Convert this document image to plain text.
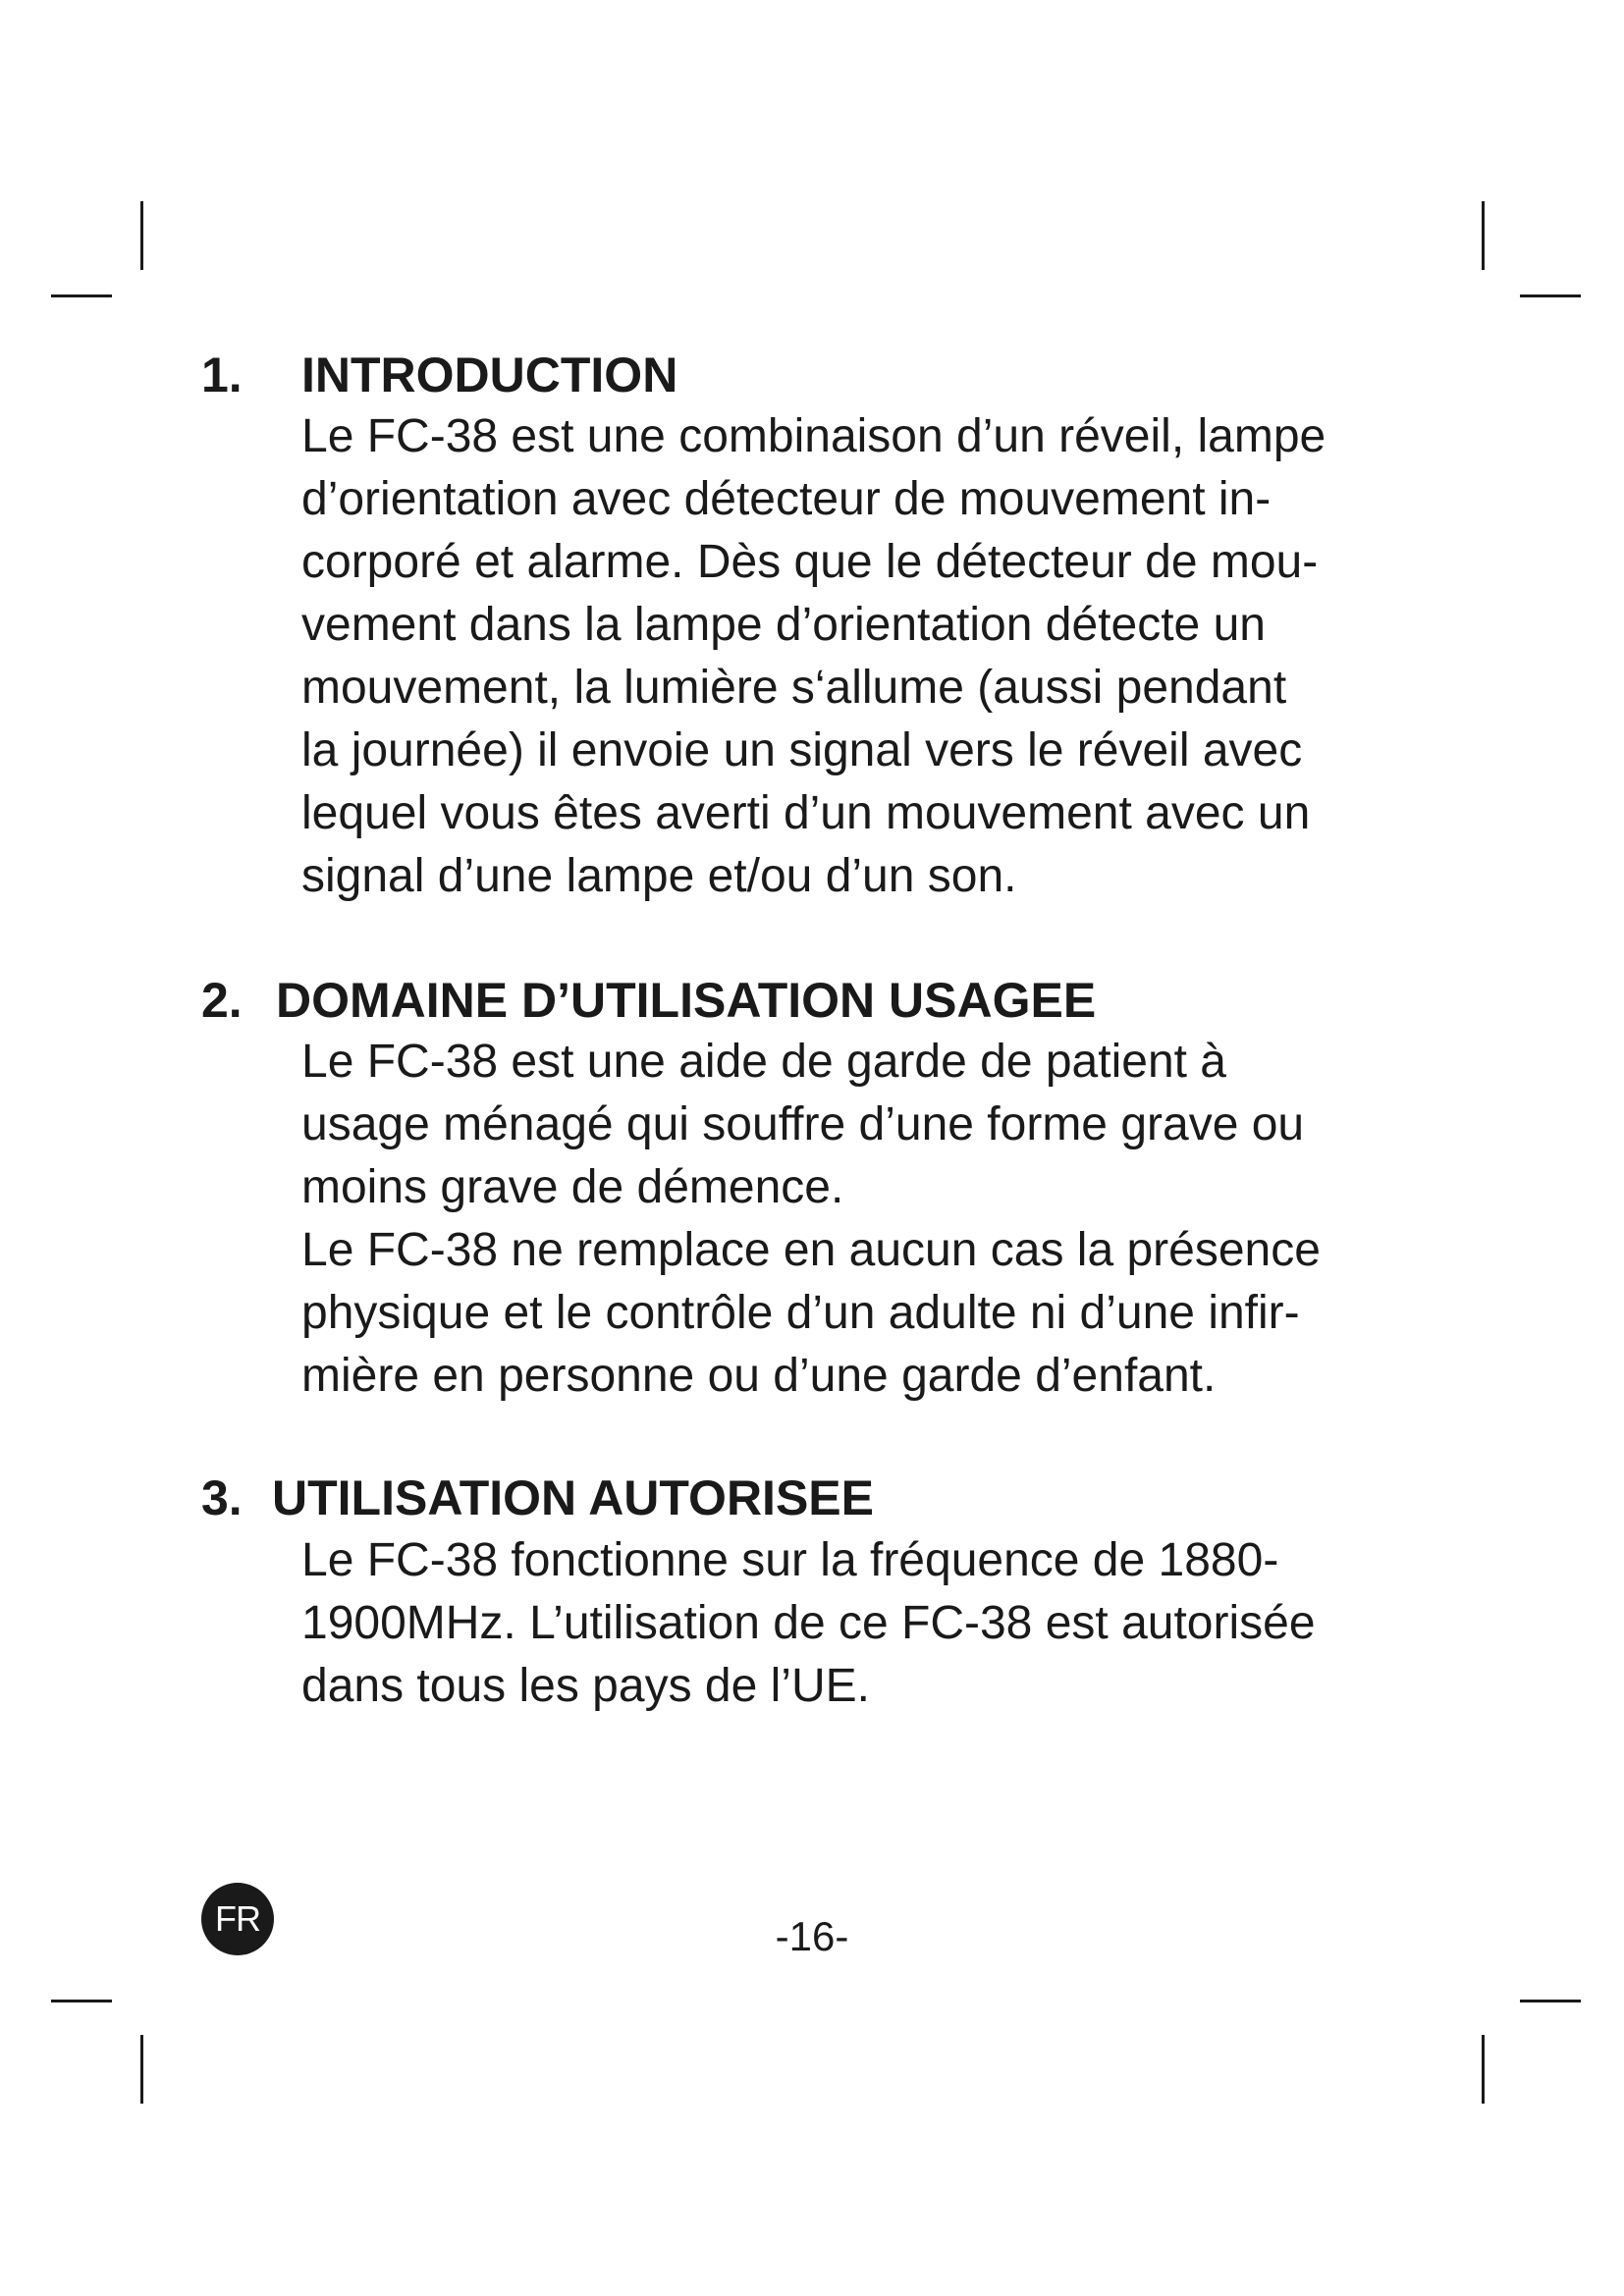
1. INTRODUCTION
Le FC-38 est une combinaison d’un réveil, lampe
d’orientation avec détecteur de mouvement in-
corporé et alarme. Dès que le détecteur de mou-
vement dans la lampe d’orientation détecte un
mouvement, la lumière s‘allume (aussi pendant
la journée) il envoie un signal vers le réveil avec
lequel vous êtes averti d’un mouvement avec un
signal d’une lampe et/ou d’un son.
2. DOMAINE D’UTILISATION USAGEE
Le FC-38 est une aide de garde de patient à
usage ménagé qui souffre d’une forme grave ou
moins grave de démence.
Le FC-38 ne remplace en aucun cas la présence
physique et le contrôle d’un adulte ni d’une infir-
mière en personne ou d’une garde d’enfant.
3. UTILISATION AUTORISEE
Le FC-38 fonctionne sur la fréquence de 1880-
1900MHz. L’utilisation de ce FC-38 est autorisée
dans tous les pays de l’UE.
FR	-16-
